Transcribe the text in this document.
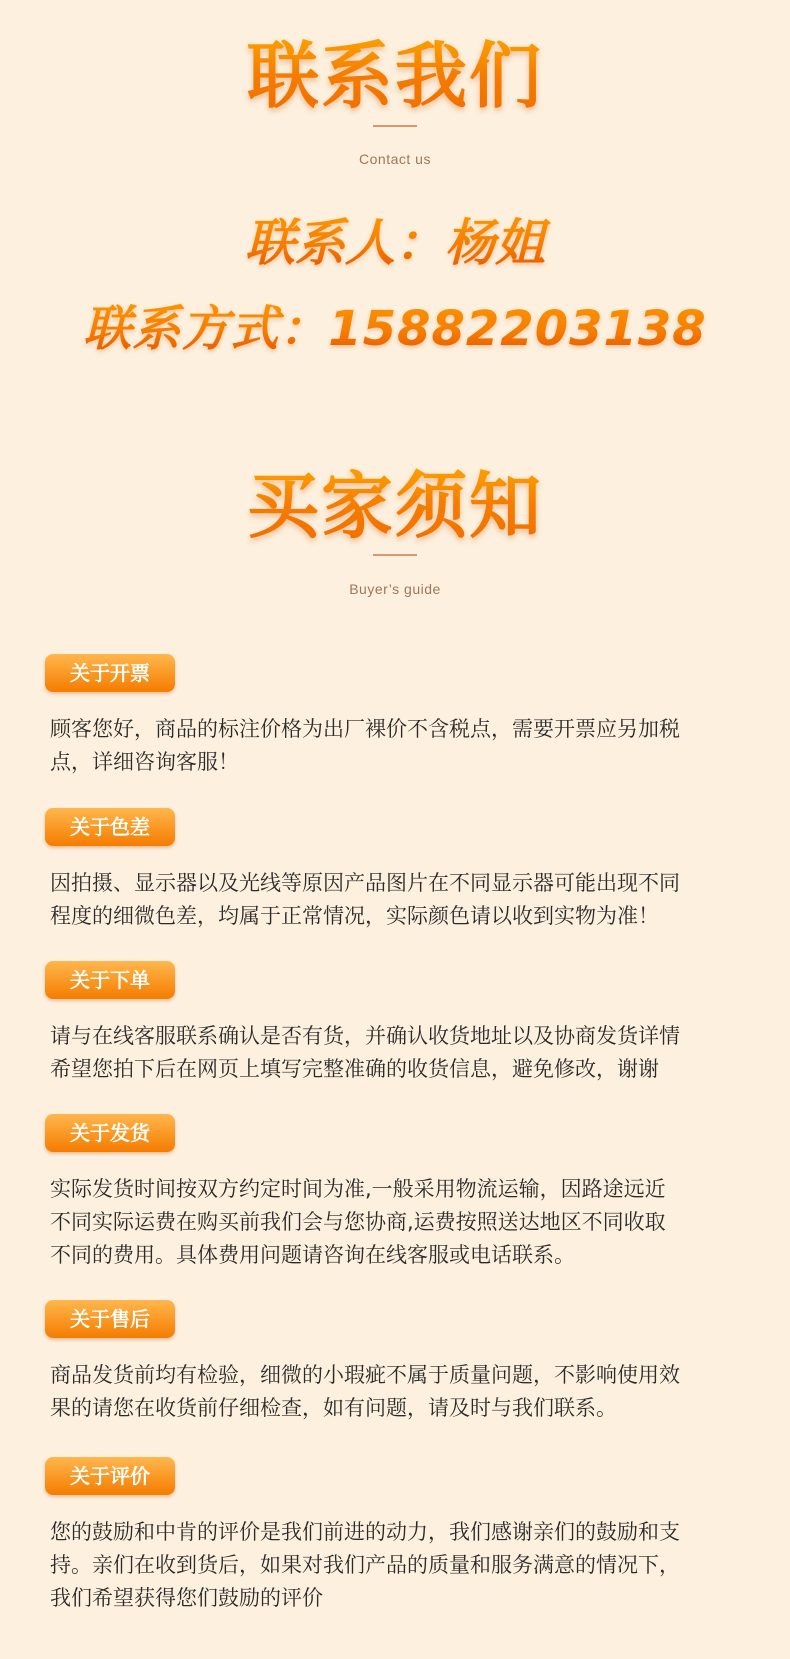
联系我们
Contact us
联系人：杨姐
联系方式：15882203138
买家须知
Buyer’s guide
关于开票
顾客您好，商品的标注价格为出厂裸价不含税点，需要开票应另加税
点，详细咨询客服！
关于色差
因拍摄、显示器以及光线等原因产品图片在不同显示器可能出现不同
程度的细微色差，均属于正常情况，实际颜色请以收到实物为准！
关于下单
请与在线客服联系确认是否有货，并确认收货地址以及协商发货详情
希望您拍下后在网页上填写完整准确的收货信息，避免修改，谢谢
关于发货
实际发货时间按双方约定时间为准,一般采用物流运输，因路途远近
不同实际运费在购买前我们会与您协商,运费按照送达地区不同收取
不同的费用。具体费用问题请咨询在线客服或电话联系。
关于售后
商品发货前均有检验，细微的小瑕疵不属于质量问题，不影响使用效
果的请您在收货前仔细检查，如有问题，请及时与我们联系。
关于评价
您的鼓励和中肯的评价是我们前进的动力，我们感谢亲们的鼓励和支
持。亲们在收到货后，如果对我们产品的质量和服务满意的情况下，
我们希望获得您们鼓励的评价
